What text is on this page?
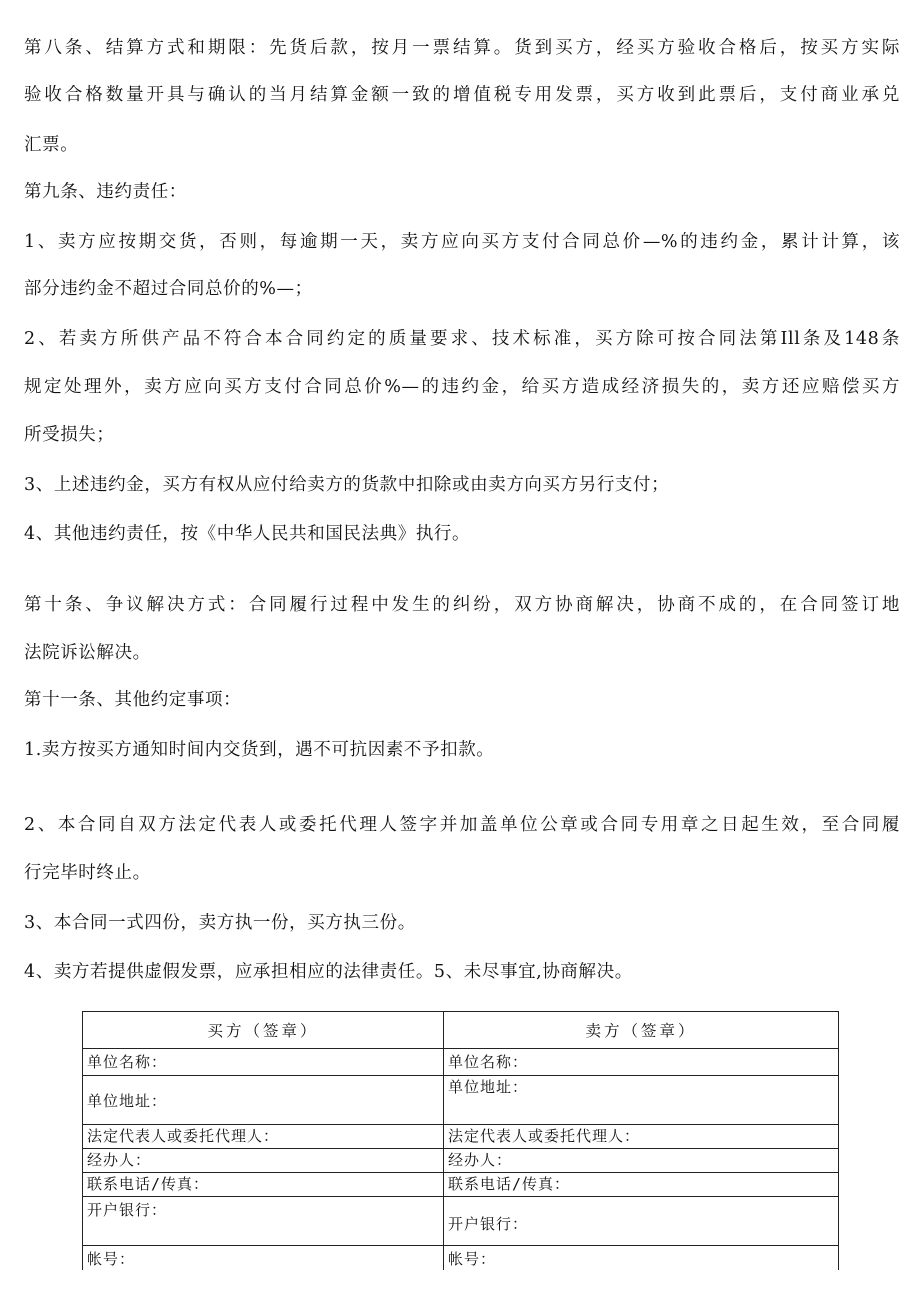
第八条、结算方式和期限：先货后款，按月一票结算。货到买方，经买方验收合格后，按买方实际
验收合格数量开具与确认的当月结算金额一致的增值税专用发票，买方收到此票后，支付商业承兑
汇票。
第九条、违约责任：
1、卖方应按期交货，否则，每逾期一天，卖方应向买方支付合同总价—%的违约金，累计计算，该
部分违约金不超过合同总价的%—；
2、若卖方所供产品不符合本合同约定的质量要求、技术标准，买方除可按合同法第Ill条及148条
规定处理外，卖方应向买方支付合同总价%—的违约金，给买方造成经济损失的，卖方还应赔偿买方
所受损失；
3、上述违约金，买方有权从应付给卖方的货款中扣除或由卖方向买方另行支付；
4、其他违约责任，按《中华人民共和国民法典》执行。
第十条、争议解决方式：合同履行过程中发生的纠纷，双方协商解决，协商不成的，在合同签订地
法院诉讼解决。
第十一条、其他约定事项：
1.卖方按买方通知时间内交货到，遇不可抗因素不予扣款。
2、本合同自双方法定代表人或委托代理人签字并加盖单位公章或合同专用章之日起生效，至合同履
行完毕时终止。
3、本合同一式四份，卖方执一份，买方执三份。
4、卖方若提供虚假发票，应承担相应的法律责任。5、未尽事宜,协商解决。
买方（签章）	卖方（签章）
单位名称：	单位名称：
单位地址：	单位地址：
法定代表人或委托代理人：	法定代表人或委托代理人：
经办人：	经办人：
联系电话/传真：	联系电话/传真：
开户银行：	开户银行：
帐号：	帐号：
